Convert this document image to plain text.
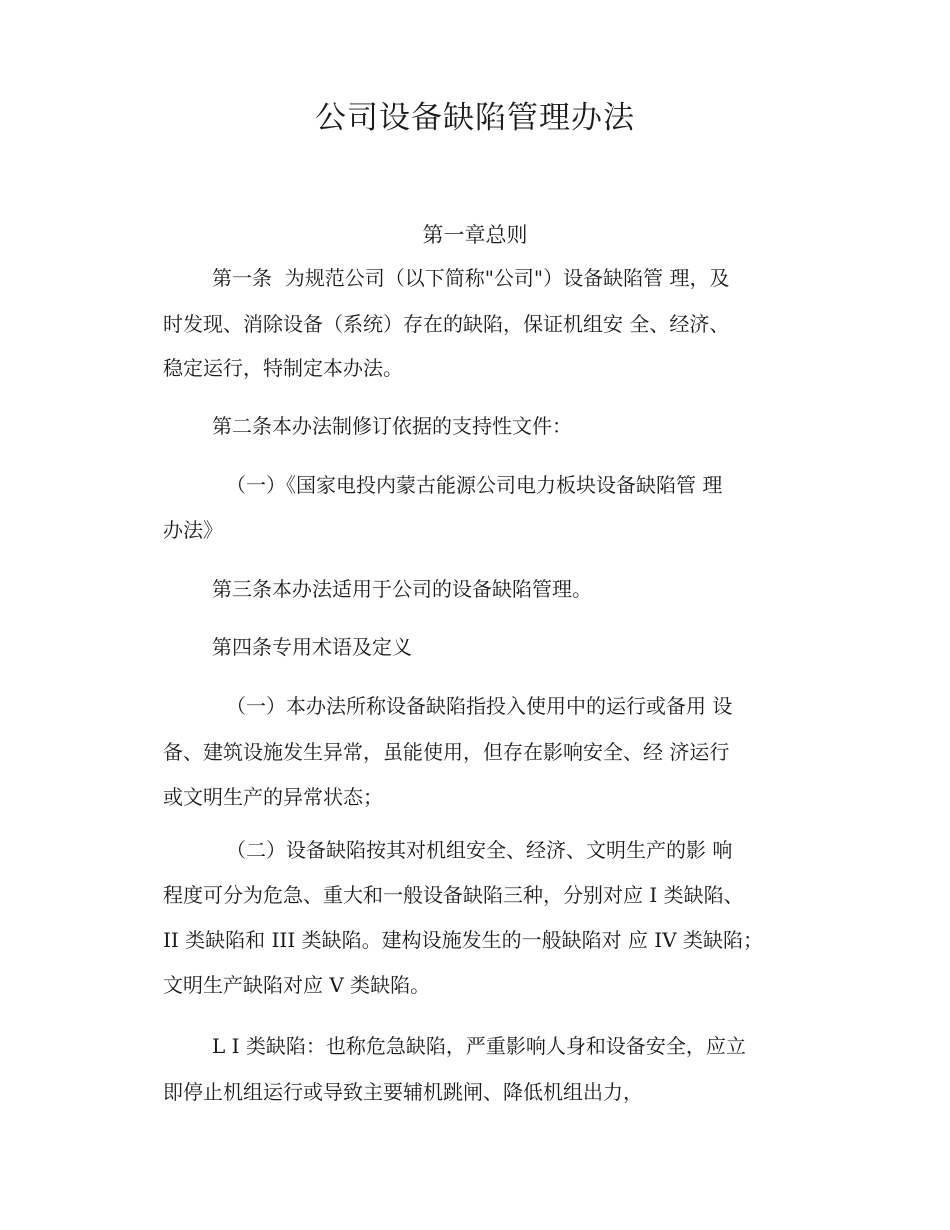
公司设备缺陷管理办法
第一章总则

第一条  为规范公司（以下简称"公司"）设备缺陷管 理，及

时发现、消除设备（系统）存在的缺陷，保证机组安 全、经济、

稳定运行，特制定本办法。

第二条本办法制修订依据的支持性文件：

（一）《国家电投内蒙古能源公司电力板块设备缺陷管 理

办法》

第三条本办法适用于公司的设备缺陷管理。

第四条专用术语及定义

（一）本办法所称设备缺陷指投入使用中的运行或备用 设

备、建筑设施发生异常，虽能使用，但存在影响安全、经 济运行

或文明生产的异常状态；

（二）设备缺陷按其对机组安全、经济、文明生产的影 响

程度可分为危急、重大和一般设备缺陷三种，分别对应 I 类缺陷、

II 类缺陷和 III 类缺陷。建构设施发生的一般缺陷对 应 IV 类缺陷；

文明生产缺陷对应 V 类缺陷。

L I 类缺陷：也称危急缺陷，严重影响人身和设备安全，应立

即停止机组运行或导致主要辅机跳闸、降低机组出力，
